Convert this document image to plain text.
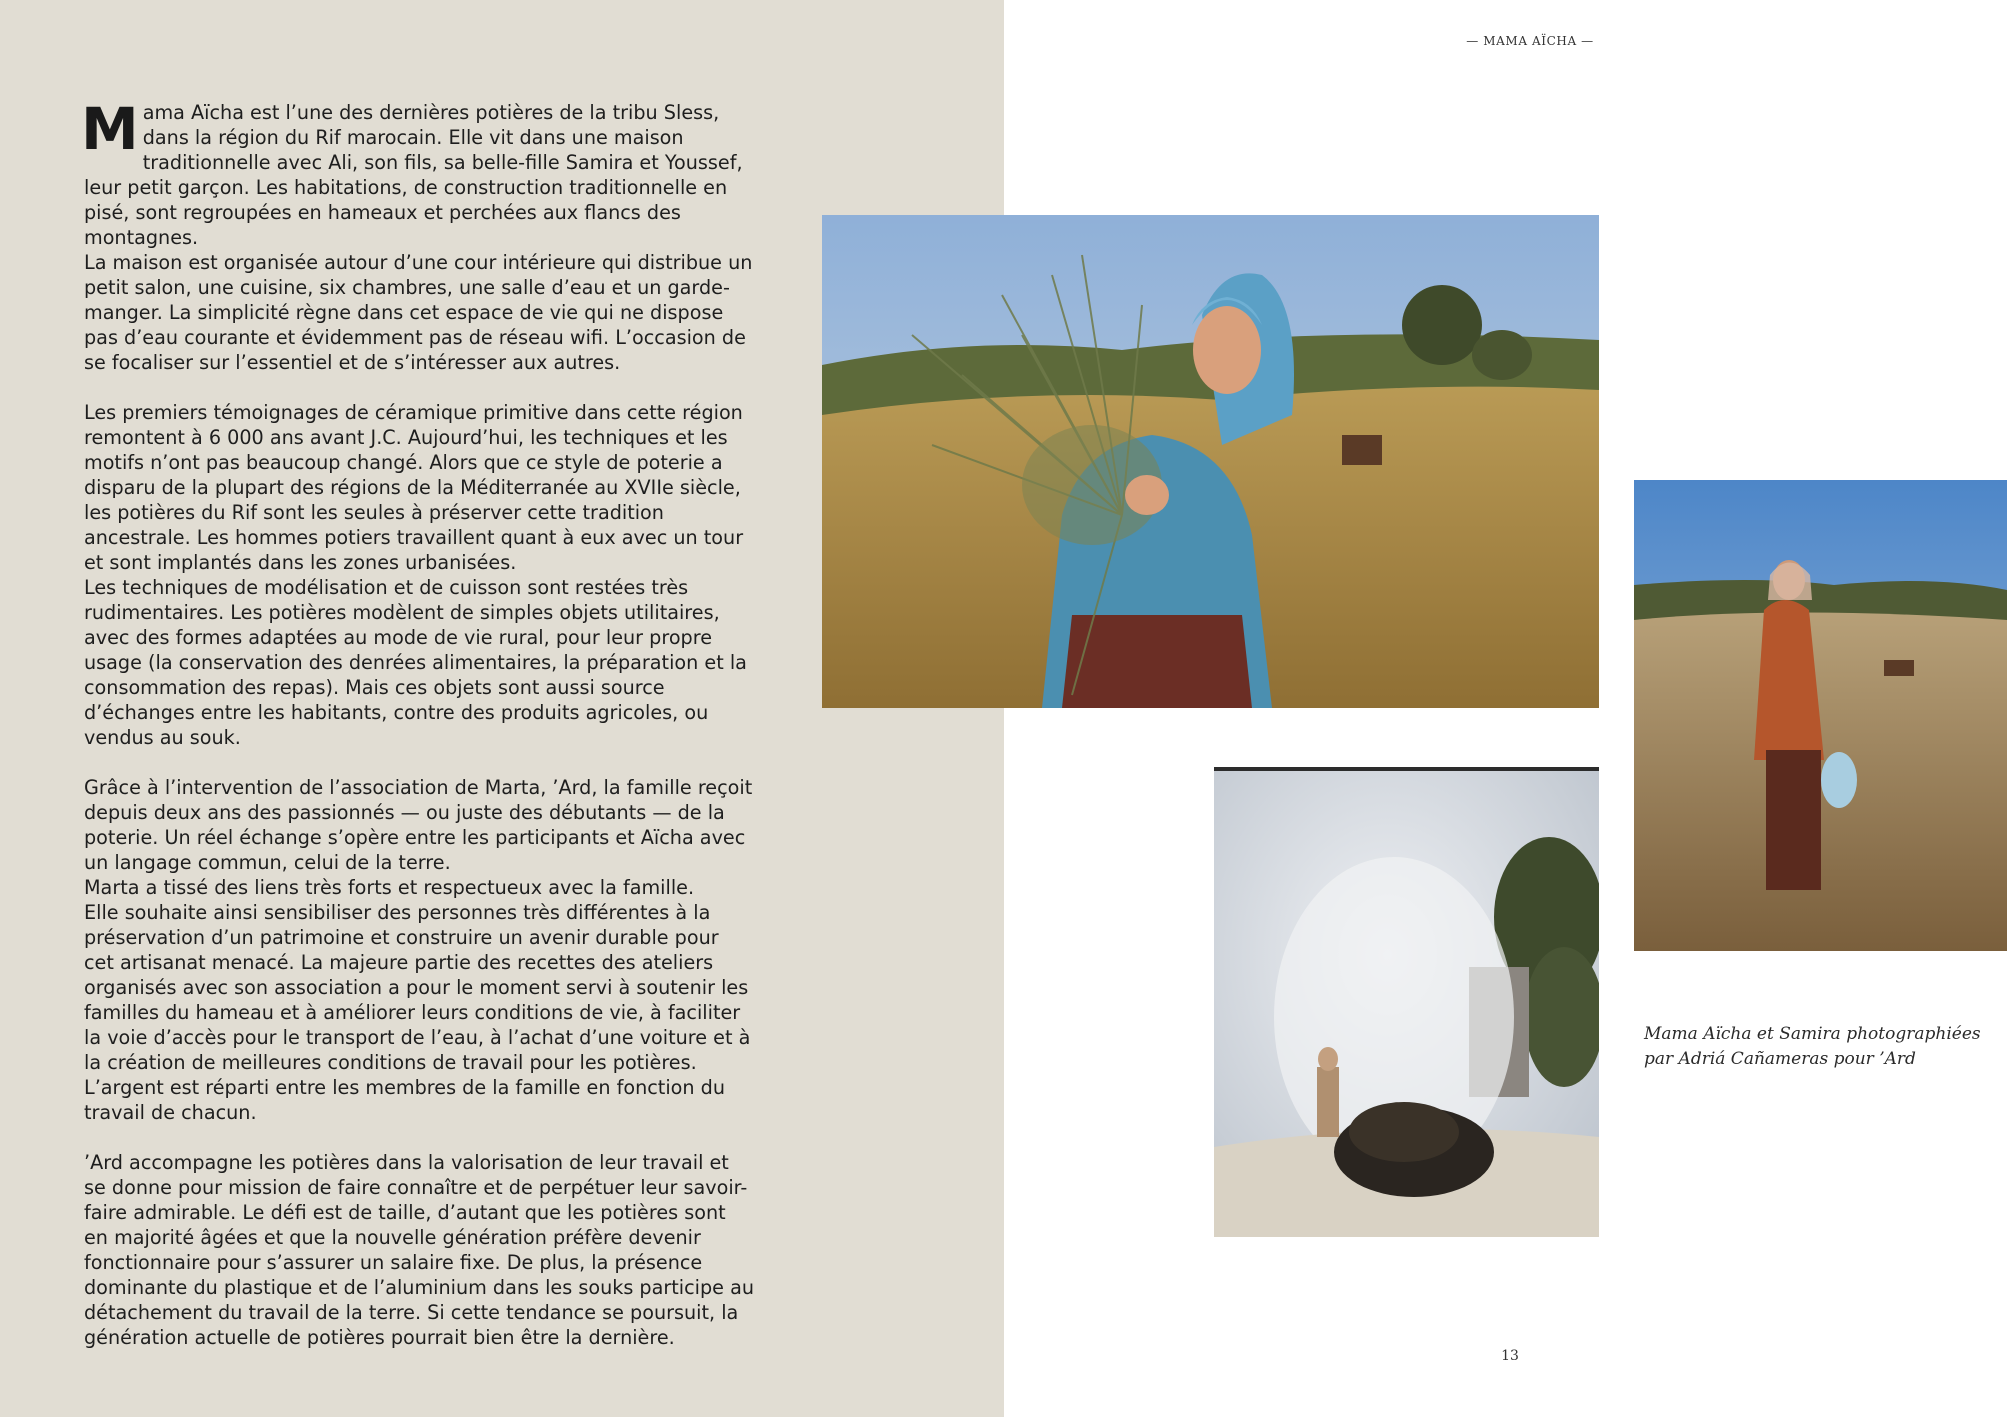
Mama Aïcha est l’une des dernières potières de la tribu Sless, dans la région du Rif marocain. Elle vit dans une maison traditionnelle avec Ali, son fils, sa belle-fille Samira et Youssef, leur petit garçon. Les habitations, de construction traditionnelle en pisé, sont regroupées en hameaux et perchées aux flancs des montagnes.

La maison est organisée autour d’une cour intérieure qui distribue un petit salon, une cuisine, six chambres, une salle d’eau et un garde-manger. La simplicité règne dans cet espace de vie qui ne dispose pas d’eau courante et évidemment pas de réseau wifi. L’occasion de se focaliser sur l’essentiel et de s’intéresser aux autres.

Les premiers témoignages de céramique primitive dans cette région remontent à 6 000 ans avant J.C. Aujourd’hui, les techniques et les motifs n’ont pas beaucoup changé. Alors que ce style de poterie a disparu de la plupart des régions de la Méditerranée au XVIIe siècle, les potières du Rif sont les seules à préserver cette tradition ancestrale. Les hommes potiers travaillent quant à eux avec un tour et sont implantés dans les zones urbanisées.

Les techniques de modélisation et de cuisson sont restées très rudimentaires. Les potières modèlent de simples objets utilitaires, avec des formes adaptées au mode de vie rural, pour leur propre usage (la conservation des denrées alimentaires, la préparation et la consommation des repas). Mais ces objets sont aussi source d’échanges entre les habitants, contre des produits agricoles, ou vendus au souk.

Grâce à l’intervention de l’association de Marta, ’Ard, la famille reçoit depuis deux ans des passionnés — ou juste des débutants — de la poterie. Un réel échange s’opère entre les participants et Aïcha avec un langage commun, celui de la terre.

Marta a tissé des liens très forts et respectueux avec la famille.

Elle souhaite ainsi sensibiliser des personnes très différentes à la préservation d’un patrimoine et construire un avenir durable pour cet artisanat menacé. La majeure partie des recettes des ateliers organisés avec son association a pour le moment servi à soutenir les familles du hameau et à améliorer leurs conditions de vie, à faciliter la voie d’accès pour le transport de l’eau, à l’achat d’une voiture et à la création de meilleures conditions de travail pour les potières. L’argent est réparti entre les membres de la famille en fonction du travail de chacun.

’Ard accompagne les potières dans la valorisation de leur travail et se donne pour mission de faire connaître et de perpétuer leur savoir-faire admirable. Le défi est de taille, d’autant que les potières sont en majorité âgées et que la nouvelle génération préfère devenir fonctionnaire pour s’assurer un salaire fixe. De plus, la présence dominante du plastique et de l’aluminium dans les souks participe au détachement du travail de la terre. Si cette tendance se poursuit, la génération actuelle de potières pourrait bien être la dernière.

— MAMA AÏCHA —
Mama Aïcha et Samira photographiées
par Adriá Cañameras pour ’Ard
13
